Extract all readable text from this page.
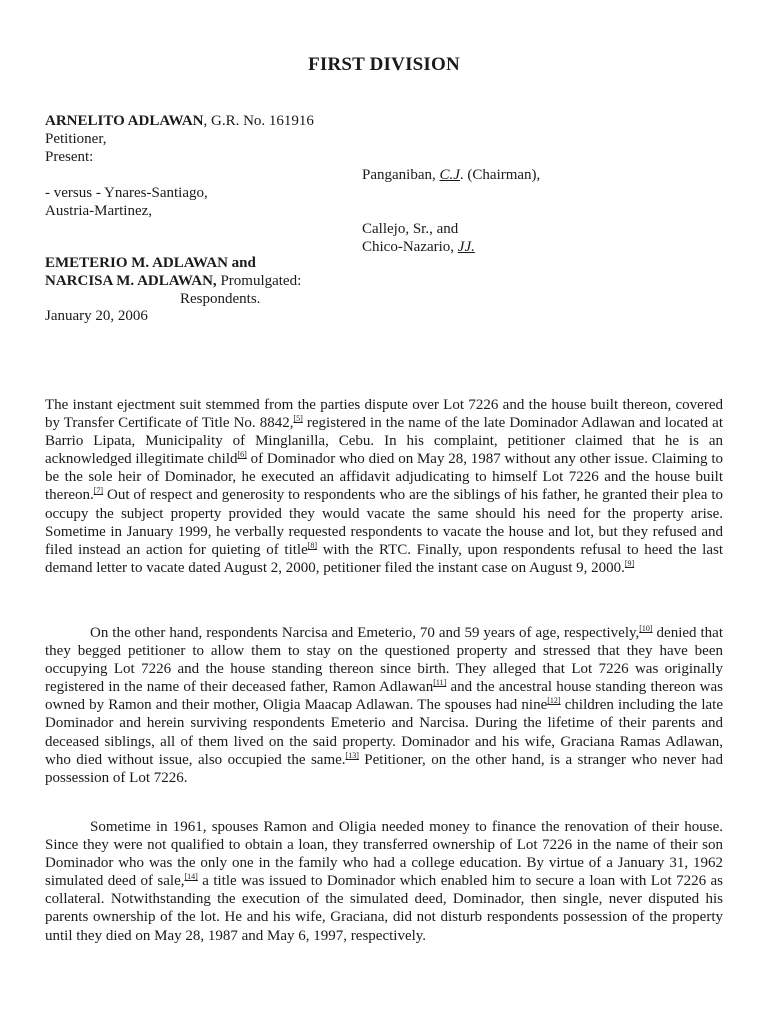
FIRST DIVISION
ARNELITO ADLAWAN, G.R. No. 161916
Petitioner,
Present:
Panganiban, C.J. (Chairman),
- versus - Ynares-Santiago,
Austria-Martinez,
Callejo, Sr., and
Chico-Nazario, JJ.
EMETERIO M. ADLAWAN and
NARCISA M. ADLAWAN, Promulgated:
Respondents.
January 20, 2006
The instant ejectment suit stemmed from the parties dispute over Lot 7226 and the house built thereon, covered by Transfer Certificate of Title No. 8842,[5] registered in the name of the late Dominador Adlawan and located at Barrio Lipata, Municipality of Minglanilla, Cebu. In his complaint, petitioner claimed that he is an acknowledged illegitimate child[6] of Dominador who died on May 28, 1987 without any other issue. Claiming to be the sole heir of Dominador, he executed an affidavit adjudicating to himself Lot 7226 and the house built thereon.[7] Out of respect and generosity to respondents who are the siblings of his father, he granted their plea to occupy the subject property provided they would vacate the same should his need for the property arise. Sometime in January 1999, he verbally requested respondents to vacate the house and lot, but they refused and filed instead an action for quieting of title[8] with the RTC. Finally, upon respondents refusal to heed the last demand letter to vacate dated August 2, 2000, petitioner filed the instant case on August 9, 2000.[9]
On the other hand, respondents Narcisa and Emeterio, 70 and 59 years of age, respectively,[10] denied that they begged petitioner to allow them to stay on the questioned property and stressed that they have been occupying Lot 7226 and the house standing thereon since birth. They alleged that Lot 7226 was originally registered in the name of their deceased father, Ramon Adlawan[11] and the ancestral house standing thereon was owned by Ramon and their mother, Oligia Maacap Adlawan. The spouses had nine[12] children including the late Dominador and herein surviving respondents Emeterio and Narcisa. During the lifetime of their parents and deceased siblings, all of them lived on the said property. Dominador and his wife, Graciana Ramas Adlawan, who died without issue, also occupied the same.[13] Petitioner, on the other hand, is a stranger who never had possession of Lot 7226.
Sometime in 1961, spouses Ramon and Oligia needed money to finance the renovation of their house. Since they were not qualified to obtain a loan, they transferred ownership of Lot 7226 in the name of their son Dominador who was the only one in the family who had a college education. By virtue of a January 31, 1962 simulated deed of sale,[14] a title was issued to Dominador which enabled him to secure a loan with Lot 7226 as collateral. Notwithstanding the execution of the simulated deed, Dominador, then single, never disputed his parents ownership of the lot. He and his wife, Graciana, did not disturb respondents possession of the property until they died on May 28, 1987 and May 6, 1997, respectively.
